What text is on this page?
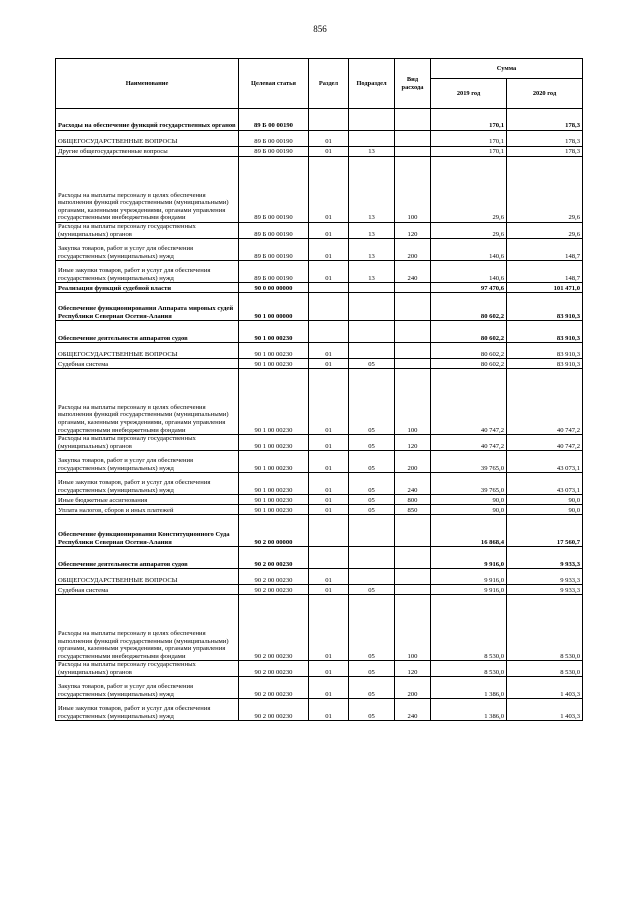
856
Наименование	Целевая статья	Раздел	Подраздел	Вид расхода	Сумма	
					2019 год	2020 год
Расходы на обеспечение функций государственных органов	89 Б 00 00190				170,1	178,3
ОБЩЕГОСУДАРСТВЕННЫЕ ВОПРОСЫ	89 Б 00 00190	01			170,1	178,3
Другие общегосударственные вопросы	89 Б 00 00190	01	13		170,1	178,3
Расходы на выплаты персоналу в целях обеспечения выполнения функций государственными (муниципальными) органами, казенными учреждениями, органами управления государственными внебюджетными фондами	89 Б 00 00190	01	13	100	29,6	29,6
Расходы на выплаты персоналу государственных (муниципальных) органов	89 Б 00 00190	01	13	120	29,6	29,6
Закупка товаров, работ и услуг для обеспечения государственных (муниципальных) нужд	89 Б 00 00190	01	13	200	140,6	148,7
Иные закупки товаров, работ и услуг для обеспечения государственных (муниципальных) нужд	89 Б 00 00190	01	13	240	140,6	148,7
Реализация функций судебной власти	90 0 00 00000				97 470,6	101 471,0
Обеспечение функционирования Аппарата мировых судей Республики Северная Осетия-Алания	90 1 00 00000				80 602,2	83 910,3
Обеспечение деятельности аппаратов судов	90 1 00 00230				80 602,2	83 910,3
ОБЩЕГОСУДАРСТВЕННЫЕ ВОПРОСЫ	90 1 00 00230	01			80 602,2	83 910,3
Судебная система	90 1 00 00230	01	05		80 602,2	83 910,3
Расходы на выплаты персоналу в целях обеспечения выполнения функций государственными (муниципальными) органами, казенными учреждениями, органами управления государственными внебюджетными фондами	90 1 00 00230	01	05	100	40 747,2	40 747,2
Расходы на выплаты персоналу государственных (муниципальных) органов	90 1 00 00230	01	05	120	40 747,2	40 747,2
Закупка товаров, работ и услуг для обеспечения государственных (муниципальных) нужд	90 1 00 00230	01	05	200	39 765,0	43 073,1
Иные закупки товаров, работ и услуг для обеспечения государственных (муниципальных) нужд	90 1 00 00230	01	05	240	39 765,0	43 073,1
Иные бюджетные ассигнования	90 1 00 00230	01	05	800	90,0	90,0
Уплата налогов, сборов и иных платежей	90 1 00 00230	01	05	850	90,0	90,0
Обеспечение функционирования Конституционного Суда Республики Северная Осетия-Алания	90 2 00 00000				16 868,4	17 560,7
Обеспечение деятельности аппаратов судов	90 2 00 00230				9 916,0	9 933,3
ОБЩЕГОСУДАРСТВЕННЫЕ ВОПРОСЫ	90 2 00 00230	01			9 916,0	9 933,3
Судебная система	90 2 00 00230	01	05		9 916,0	9 933,3
Расходы на выплаты персоналу в целях обеспечения выполнения функций государственными (муниципальными) органами, казенными учреждениями, органами управления государственными внебюджетными фондами	90 2 00 00230	01	05	100	8 530,0	8 530,0
Расходы на выплаты персоналу государственных (муниципальных) органов	90 2 00 00230	01	05	120	8 530,0	8 530,0
Закупка товаров, работ и услуг для обеспечения государственных (муниципальных) нужд	90 2 00 00230	01	05	200	1 386,0	1 403,3
Иные закупки товаров, работ и услуг для обеспечения государственных (муниципальных) нужд	90 2 00 00230	01	05	240	1 386,0	1 403,3
